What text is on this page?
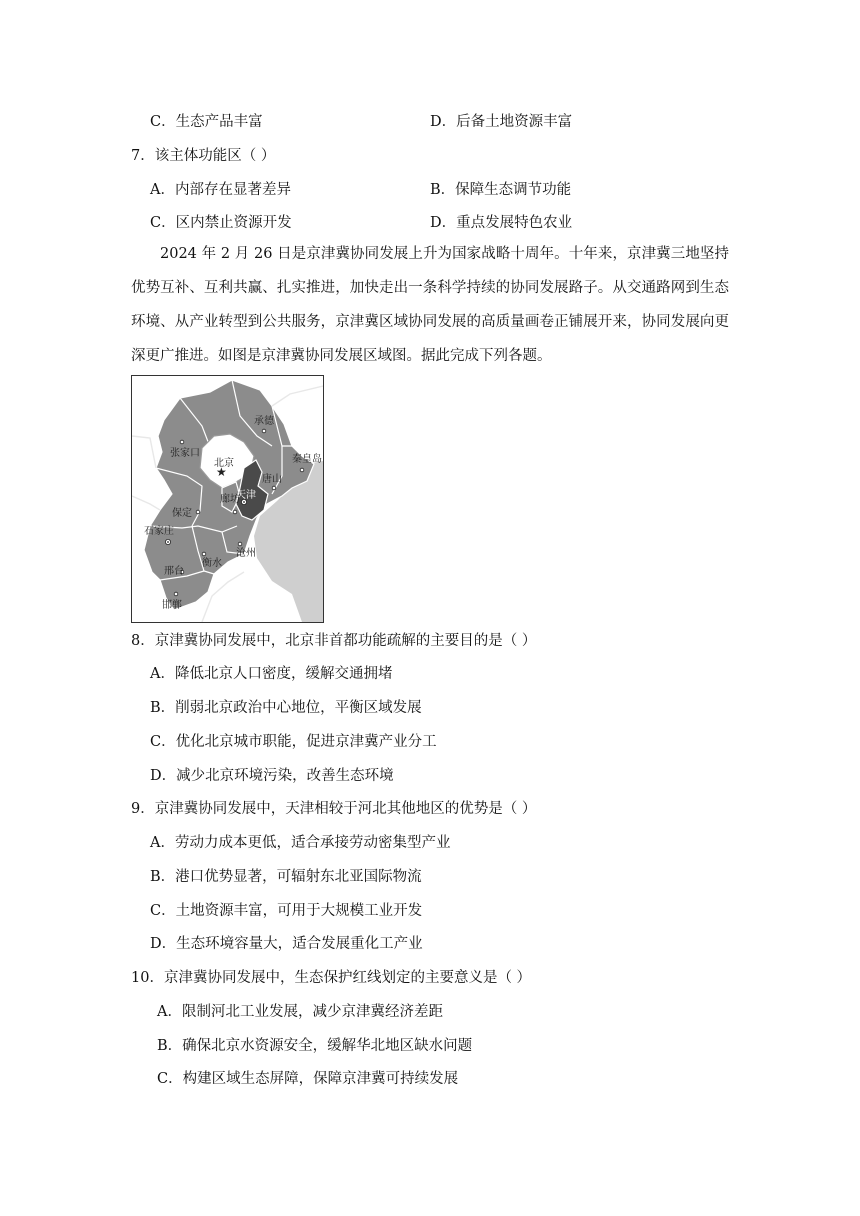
C．生态产品丰富	D．后备土地资源丰富
7．该主体功能区（ ）
A．内部存在显著差异	B．保障生态调节功能
C．区内禁止资源开发	D．重点发展特色农业
2024 年 2 月 26 日是京津冀协同发展上升为国家战略十周年。十年来，京津冀三地坚持优势互补、互利共赢、扎实推进，加快走出一条科学持续的协同发展路子。从交通路网到生态环境、从产业转型到公共服务，京津冀区域协同发展的高质量画卷正铺展开来，协同发展向更深更广推进。如图是京津冀协同发展区域图。据此完成下列各题。
★
承德
张家口
北京	秦皇岛
唐山
天津
廊坊
保定
石家庄
沧州
衡水
邢台
邯郸
8．京津冀协同发展中，北京非首都功能疏解的主要目的是（ ）
A．降低北京人口密度，缓解交通拥堵
B．削弱北京政治中心地位，平衡区域发展
C．优化北京城市职能，促进京津冀产业分工
D．减少北京环境污染，改善生态环境
9．京津冀协同发展中，天津相较于河北其他地区的优势是（ ）
A．劳动力成本更低，适合承接劳动密集型产业
B．港口优势显著，可辐射东北亚国际物流
C．土地资源丰富，可用于大规模工业开发
D．生态环境容量大，适合发展重化工产业
10．京津冀协同发展中，生态保护红线划定的主要意义是（ ）
A．限制河北工业发展，减少京津冀经济差距
B．确保北京水资源安全，缓解华北地区缺水问题
C．构建区域生态屏障，保障京津冀可持续发展
